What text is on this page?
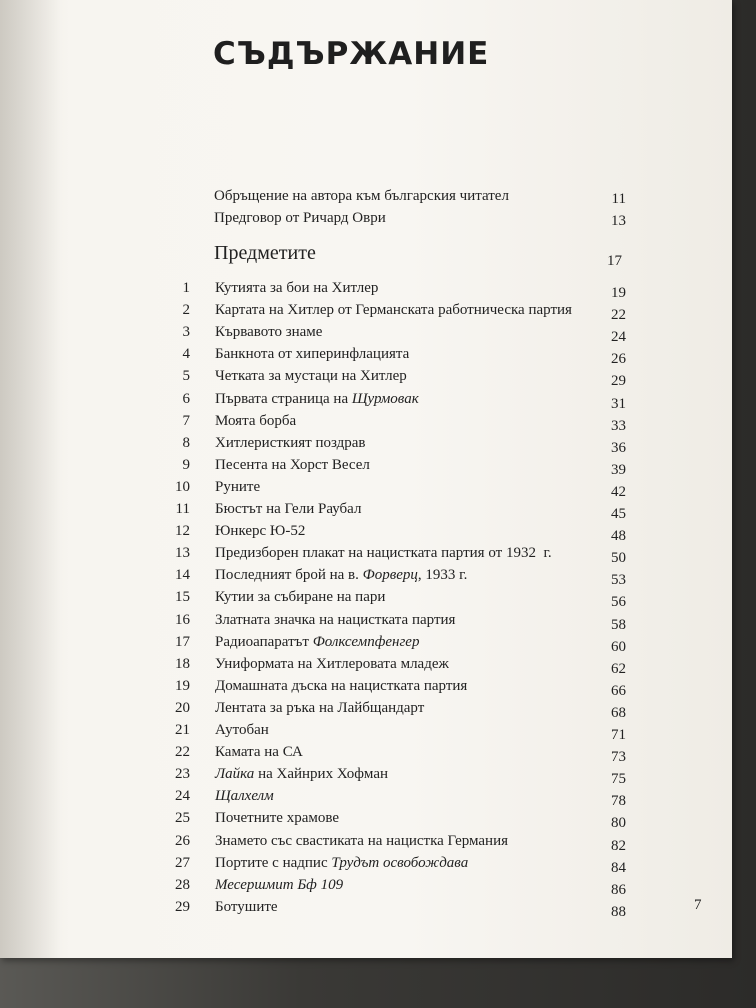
СЪДЪРЖАНИЕ
Обръщение на автора към българския читател	11
Предговор от Ричард Оври	13
Предметите	17
1 Кутията за бои на Хитлер	19
2 Картата на Хитлер от Германската работническа партия	22
3 Кървавото знаме	24
4 Банкнота от хиперинфлацията	26
5 Четката за мустаци на Хитлер	29
6 Първата страница на Щурмовак	31
7 Моята борба	33
8 Хитлеристкият поздрав	36
9 Песента на Хорст Весел	39
10 Руните	42
11 Бюстът на Гели Раубал	45
12 Юнкерс Ю-52	48
13 Предизборен плакат на нацистката партия от 1932  г.	50
14 Последният брой на в. Форверц, 1933 г.	53
15 Кутии за събиране на пари	56
16 Златната значка на нацистката партия	58
17 Радиоапаратът Фолксемпфенгер	60
18 Униформата на Хитлеровата младеж	62
19 Домашната дъска на нацистката партия	66
20 Лентата за ръка на Лайбщандарт	68
21 Аутобан	71
22 Камата на СА	73
23 Лайка на Хайнрих Хофман	75
24 Щалхелм	78
25 Почетните храмове	80
26 Знамето със свастиката на нацистка Германия	82
27 Портите с надпис Трудът освобождава	84
28 Месершмит Бф 109	86
29 Ботушите	88	7
